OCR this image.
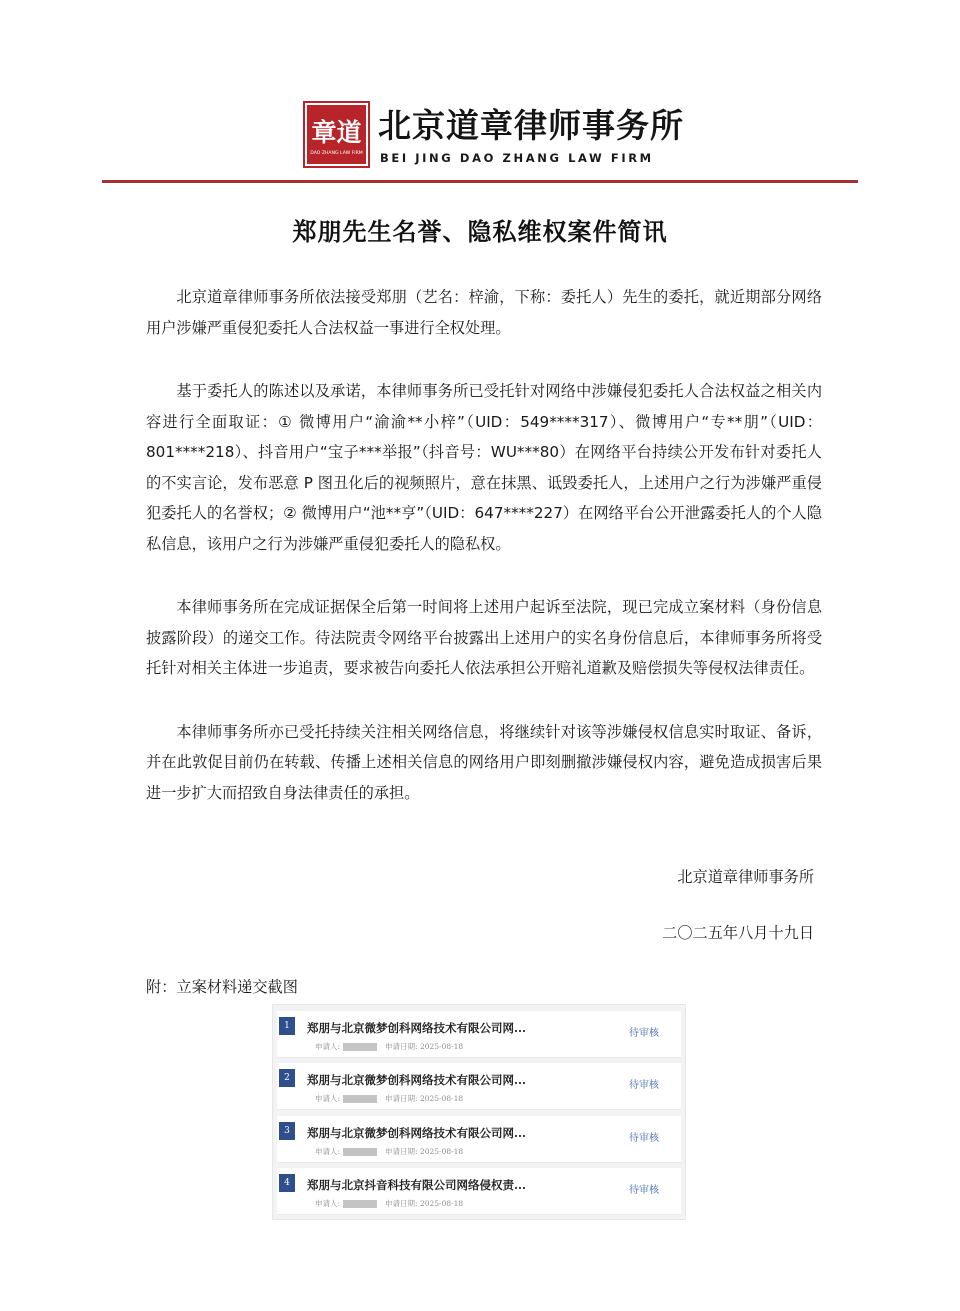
章道
DAO ZHANG LAW FIRM
北京道章律师事务所
BEI JING DAO ZHANG LAW FIRM
郑朋先生名誉、隐私维权案件简讯

北京道章律师事务所依法接受郑朋（艺名：梓渝，下称：委托人）先生的委托，就近期部分网络用户涉嫌严重侵犯委托人合法权益一事进行全权处理。

基于委托人的陈述以及承诺，本律师事务所已受托针对网络中涉嫌侵犯委托人合法权益之相关内容进行全面取证：① 微博用户“渝渝**小梓”（UID：549****317）、微博用户“专**朋”（UID：801****218）、抖音用户“宝子***举报”（抖音号：WU***80）在网络平台持续公开发布针对委托人的不实言论，发布恶意 P 图丑化后的视频照片，意在抹黑、诋毁委托人，上述用户之行为涉嫌严重侵犯委托人的名誉权；② 微博用户“池**亨”（UID：647****227）在网络平台公开泄露委托人的个人隐私信息，该用户之行为涉嫌严重侵犯委托人的隐私权。

本律师事务所在完成证据保全后第一时间将上述用户起诉至法院，现已完成立案材料（身份信息披露阶段）的递交工作。待法院责令网络平台披露出上述用户的实名身份信息后，本律师事务所将受托针对相关主体进一步追责，要求被告向委托人依法承担公开赔礼道歉及赔偿损失等侵权法律责任。

本律师事务所亦已受托持续关注相关网络信息，将继续针对该等涉嫌侵权信息实时取证、备诉，并在此敦促目前仍在转载、传播上述相关信息的网络用户即刻删撤涉嫌侵权内容，避免造成损害后果进一步扩大而招致自身法律责任的承担。

北京道章律师事务所
二〇二五年八月十九日
附：立案材料递交截图
1	郑朋与北京微梦创科网络技术有限公司网...	待审核
申请人:	申请日期: 2025-08-18
2	郑朋与北京微梦创科网络技术有限公司网...	待审核
申请人:	申请日期: 2025-08-18
3	郑朋与北京微梦创科网络技术有限公司网...	待审核
申请人:	申请日期: 2025-08-18
4	郑朋与北京抖音科技有限公司网络侵权责...	待审核
申请人:	申请日期: 2025-08-18
